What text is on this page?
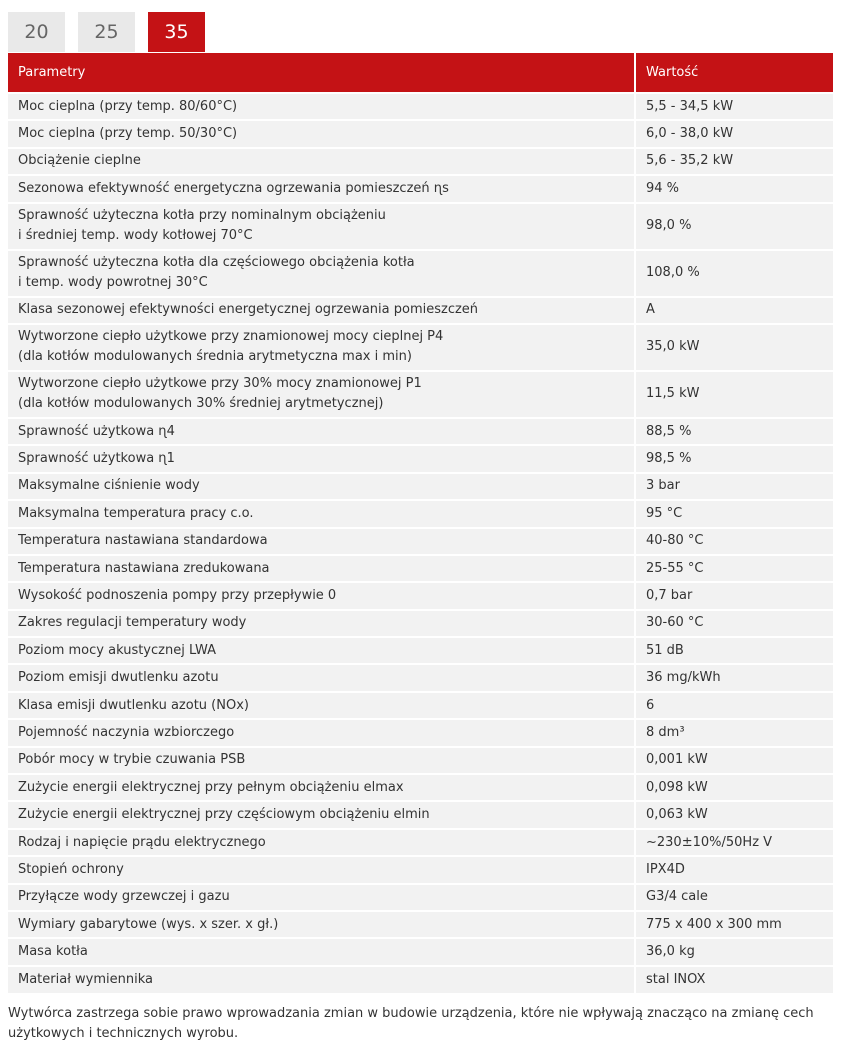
20	25	35
Parametry	Wartość
Moc cieplna (przy temp. 80/60°C)	5,5 - 34,5 kW
Moc cieplna (przy temp. 50/30°C)	6,0 - 38,0 kW
Obciążenie cieplne	5,6 - 35,2 kW
Sezonowa efektywność energetyczna ogrzewania pomieszczeń ɳs	94 %
Sprawność użyteczna kotła przy nominalnym obciążeniu
i średniej temp. wody kotłowej 70°C	98,0 %
Sprawność użyteczna kotła dla częściowego obciążenia kotła
i temp. wody powrotnej 30°C	108,0 %
Klasa sezonowej efektywności energetycznej ogrzewania pomieszczeń	A
Wytworzone ciepło użytkowe przy znamionowej mocy cieplnej P4
(dla kotłów modulowanych średnia arytmetyczna max i min)	35,0 kW
Wytworzone ciepło użytkowe przy 30% mocy znamionowej P1
(dla kotłów modulowanych 30% średniej arytmetycznej)	11,5 kW
Sprawność użytkowa ɳ4	88,5 %
Sprawność użytkowa ɳ1	98,5 %
Maksymalne ciśnienie wody	3 bar
Maksymalna temperatura pracy c.o.	95 °C
Temperatura nastawiana standardowa	40-80 °C
Temperatura nastawiana zredukowana	25-55 °C
Wysokość podnoszenia pompy przy przepływie 0	0,7 bar
Zakres regulacji temperatury wody	30-60 °C
Poziom mocy akustycznej LWA	51 dB
Poziom emisji dwutlenku azotu	36 mg/kWh
Klasa emisji dwutlenku azotu (NOx)	6
Pojemność naczynia wzbiorczego	8 dm³
Pobór mocy w trybie czuwania PSB	0,001 kW
Zużycie energii elektrycznej przy pełnym obciążeniu elmax	0,098 kW
Zużycie energii elektrycznej przy częściowym obciążeniu elmin	0,063 kW
Rodzaj i napięcie prądu elektrycznego	~230±10%/50Hz V
Stopień ochrony	IPX4D
Przyłącze wody grzewczej i gazu	G3/4 cale
Wymiary gabarytowe (wys. x szer. x gł.)	775 x 400 x 300 mm
Masa kotła	36,0 kg
Materiał wymiennika	stal INOX
Wytwórca zastrzega sobie prawo wprowadzania zmian w budowie urządzenia, które nie wpływają znacząco na zmianę cech użytkowych i technicznych wyrobu.
